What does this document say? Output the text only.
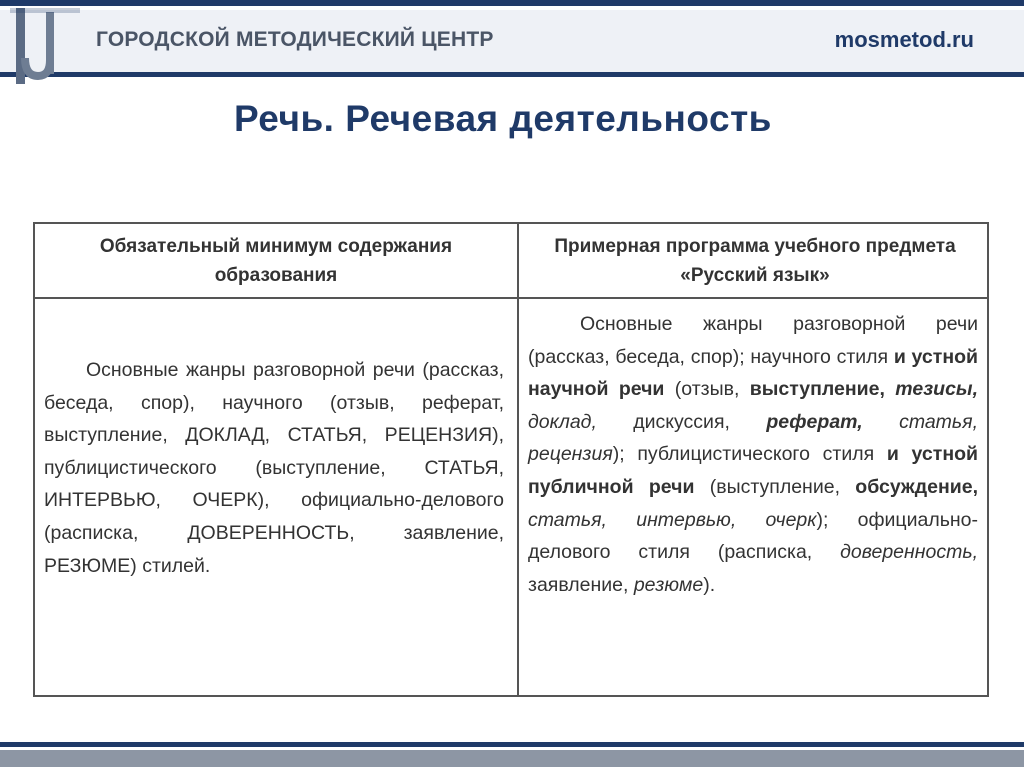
ГОРОДСКОЙ МЕТОДИЧЕСКИЙ ЦЕНТР	mosmetod.ru
Речь. Речевая деятельность
Обязательный минимум содержания образования
Примерная программа учебного предмета «Русский язык»

Основные жанры разговорной речи (рассказ, беседа, спор), научного (отзыв, реферат, выступление, ДОКЛАД, СТАТЬЯ, РЕЦЕНЗИЯ), публицистического (выступление, СТАТЬЯ, ИНТЕРВЬЮ, ОЧЕРК), официально-делового (расписка, ДОВЕРЕННОСТЬ, заявление, РЕЗЮМЕ) стилей.

Основные жанры разговорной речи (рассказ, беседа, спор); научного стиля и устной научной речи (отзыв, выступление, тезисы, доклад, дискуссия, реферат, статья, рецензия); публицистического стиля и устной публичной речи (выступление, обсуждение, статья, интервью, очерк); официально-делового стиля (расписка, доверенность, заявление, резюме).
